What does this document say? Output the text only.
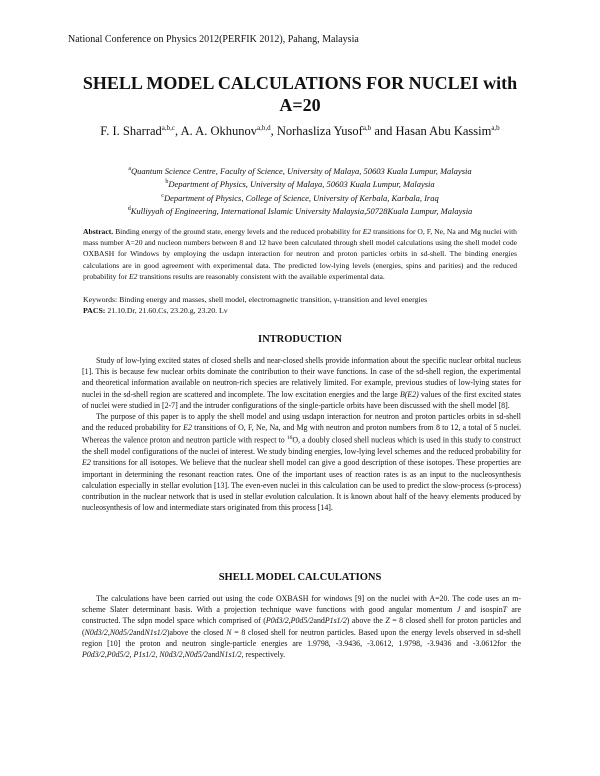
National Conference on Physics 2012(PERFIK 2012), Pahang, Malaysia
SHELL MODEL CALCULATIONS FOR NUCLEI with
A=20
F. I. Sharrad$^{a,b,c}$, A. A. Okhunov$^{a,b,d}$, Norhasliza Yusof$^{a,b}$ and Hasan Abu Kassim$^{a,b}$
$^a$Quantum Science Centre, Faculty of Science, University of Malaya, 50603 Kuala Lumpur, Malaysia
$^b$Department of Physics, University of Malaya, 50603 Kuala Lumpur, Malaysia
$^c$Department of Physics, College of Science, University of Kerbala, Karbala, Iraq
$^d$Kulliyyah of Engineering, International Islamic University Malaysia,50728Kuala Lumpur, Malaysia
Abstract. Binding energy of the ground state, energy levels and the reduced probability for E2 transitions for O, F, Ne, Na and Mg nuclei with mass number A=20 and nucleon numbers between 8 and 12 have been calculated through shell model calculations using the shell model code OXBASH for Windows by employing the usdapn interaction for neutron and proton particles orbits in sd-shell. The binding energies calculations are in good agreement with experimental data. The predicted low-lying levels (energies, spins and parities) and the reduced probability for E2 transitions results are reasonably consistent with the available experimental data.
Keywords: Binding energy and masses, shell model, electromagnetic transition, γ-transition and level energies
PACS: 21.10.Dr, 21.60.Cs, 23.20.g, 23.20. Lv
INTRODUCTION

Study of low-lying excited states of closed shells and near-closed shells provide information about the specific nuclear orbital nucleus [1]. This is because few nuclear orbits dominate the contribution to their wave functions. In case of the sd-shell region, the experimental and theoretical information available on neutron-rich species are relatively limited. For example, previous studies of low-lying states for nuclei in the sd-shell region are scattered and incomplete. The low excitation energies and the large B(E2) values of the first excited states of nuclei were studied in [2-7] and the intruder configurations of the single-particle orbits have been discussed with the shell model [8].

The purpose of this paper is to apply the shell model and using usdapn interaction for neutron and proton particles orbits in sd-shell and the reduced probability for E2 transitions of O, F, Ne, Na, and Mg with neutron and proton numbers from 8 to 12, a total of 5 nuclei. Whereas the valence proton and neutron particle with respect to $^{16}$O, a doubly closed shell nucleus which is used in this study to construct the shell model configurations of the nuclei of interest. We study binding energies, low-lying level schemes and the reduced probability for E2 transitions for all isotopes. We believe that the nuclear shell model can give a good description of these isotopes. These properties are important in determining the resonant reaction rates. One of the important uses of reaction rates is as an input to the nucleosynthesis calculation especially in stellar evolution [13]. The even-even nuclei in this calculation can be used to predict the slow-process (s-process) contribution in the nuclear network that is used in stellar evolution calculation. It is known about half of the heavy elements produced by nucleosynthesis of low and intermediate stars originated from this process [14].

SHELL MODEL CALCULATIONS

The calculations have been carried out using the code OXBASH for windows [9] on the nuclei with A=20. The code uses an m-scheme Slater determinant basis. With a projection technique wave functions with good angular momentum J and isospinT are constructed. The sdpn model space which comprised of (P0d3/2,P0d5/2andP1s1/2) above the Z = 8 closed shell for proton particles and (N0d3/2,N0d5/2andN1s1/2)above the closed N = 8 closed shell for neutron particles. Based upon the energy levels observed in sd-shell region [10] the proton and neutron single-particle energies are 1.9798, -3.9436, -3.0612, 1.9798, -3.9436 and -3.0612for the P0d3/2,P0d5/2, P1s1/2, N0d3/2,N0d5/2andN1s1/2, respectively.
